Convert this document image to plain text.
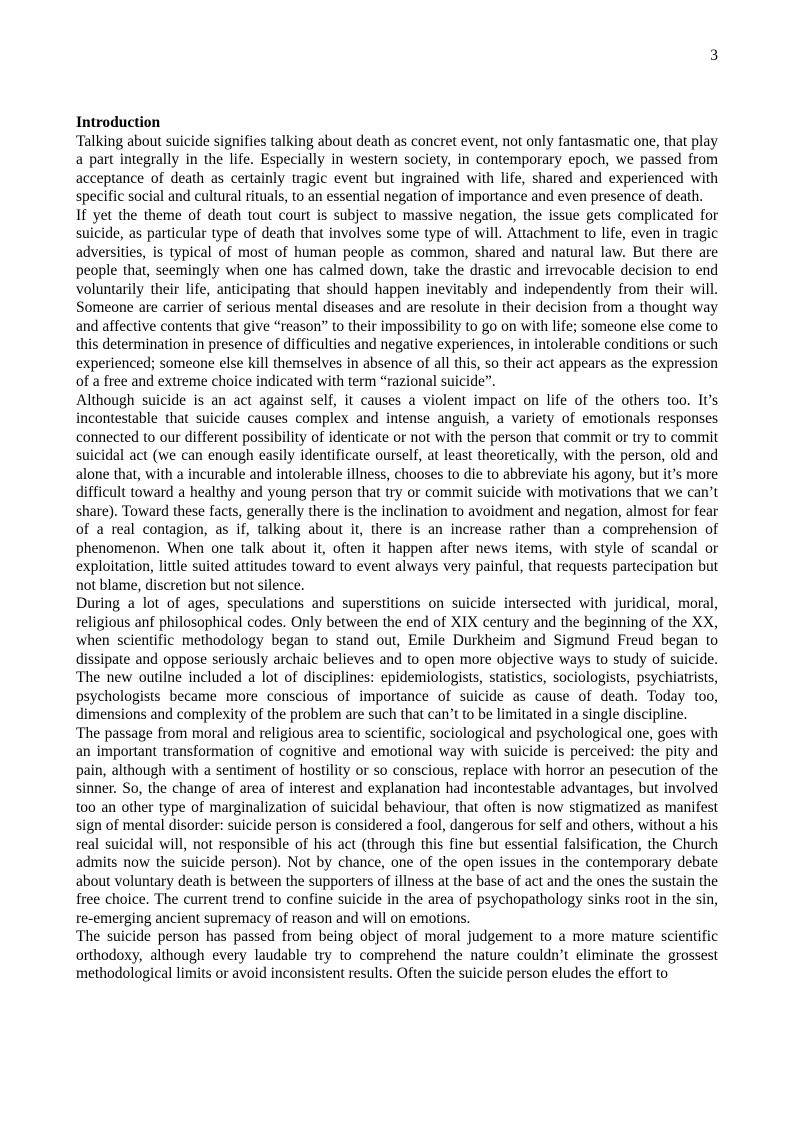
3

Introduction

Talking about suicide signifies talking about death as concret event, not only fantasmatic one, that play a part integrally in the life. Especially in western society, in contemporary epoch, we passed from acceptance of death as certainly tragic event but ingrained with life, shared and experienced with specific social and cultural rituals, to an essential negation of importance and even presence of death.

If yet the theme of death tout court is subject to massive negation, the issue gets complicated for suicide, as particular type of death that involves some type of will. Attachment to life, even in tragic adversities, is typical of most of human people as common, shared and natural law. But there are people that, seemingly when one has calmed down, take the drastic and irrevocable decision to end voluntarily their life, anticipating that should happen inevitably and independently from their will. Someone are carrier of serious mental diseases and are resolute in their decision from a thought way and affective contents that give “reason” to their impossibility to go on with life; someone else come to this determination in presence of difficulties and negative experiences, in intolerable conditions or such experienced; someone else kill themselves in absence of all this, so their act appears as the expression of a free and extreme choice indicated with term “razional suicide”.

Although suicide is an act against self, it causes a violent impact on life of the others too. It’s incontestable that suicide causes complex and intense anguish, a variety of emotionals responses connected to our different possibility of identicate or not with the person that commit or try to commit suicidal act (we can enough easily identificate ourself, at least theoretically, with the person, old and alone that, with a incurable and intolerable illness, chooses to die to abbreviate his agony, but it’s more difficult toward a healthy and young person that try or commit suicide with motivations that we can’t share). Toward these facts, generally there is the inclination to avoidment and negation, almost for fear of a real contagion, as if, talking about it, there is an increase rather than a comprehension of phenomenon. When one talk about it, often it happen after news items, with style of scandal or exploitation, little suited attitudes toward to event always very painful, that requests partecipation but not blame, discretion but not silence.

During a lot of ages, speculations and superstitions on suicide intersected with juridical, moral, religious anf philosophical codes. Only between the end of XIX century and the beginning of the XX, when scientific methodology began to stand out, Emile Durkheim and Sigmund Freud began to dissipate and oppose seriously archaic believes and to open more objective ways to study of suicide. The new outilne included a lot of disciplines: epidemiologists, statistics, sociologists, psychiatrists, psychologists became more conscious of importance of suicide as cause of death. Today too, dimensions and complexity of the problem are such that can’t to be limitated in a single discipline.

The passage from moral and religious area to scientific, sociological and psychological one, goes with an important transformation of cognitive and emotional way with suicide is perceived: the pity and pain, although with a sentiment of hostility or so conscious, replace with horror an pesecution of the sinner. So, the change of area of interest and explanation had incontestable advantages, but involved too an other type of marginalization of suicidal behaviour, that often is now stigmatized as manifest sign of mental disorder: suicide person is considered a fool, dangerous for self and others, without a his real suicidal will, not responsible of his act (through this fine but essential falsification, the Church admits now the suicide person). Not by chance, one of the open issues in the contemporary debate about voluntary death is between the supporters of illness at the base of act and the ones the sustain the free choice. The current trend to confine suicide in the area of psychopathology sinks root in the sin, re-emerging ancient supremacy of reason and will on emotions.

The suicide person has passed from being object of moral judgement to a more mature scientific orthodoxy, although every laudable try to comprehend the nature couldn’t eliminate the grossest methodological limits or avoid inconsistent results. Often the suicide person eludes the effort to
